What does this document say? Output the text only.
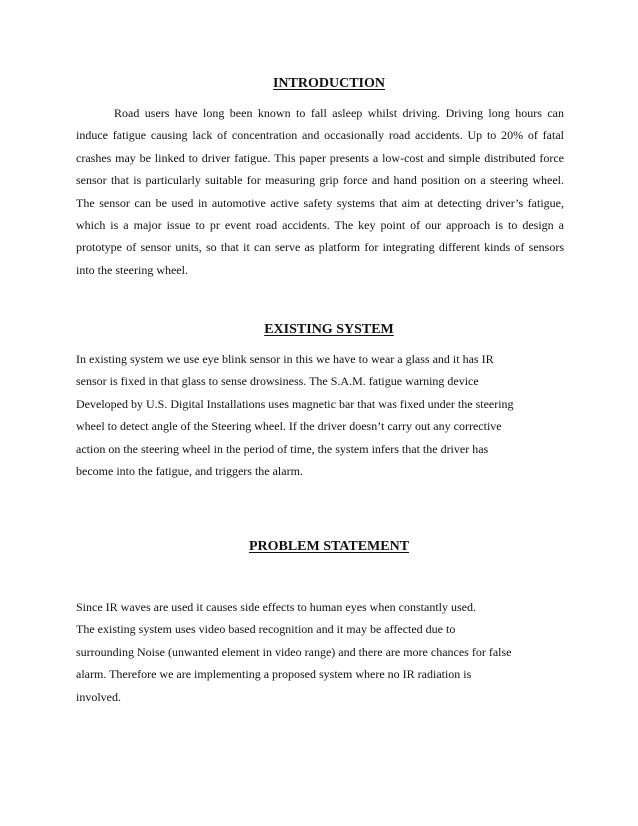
INTRODUCTION

Road users have long been known to fall asleep whilst driving. Driving long hours can induce fatigue causing lack of concentration and occasionally road accidents. Up to 20% of fatal crashes may be linked to driver fatigue. This paper presents a low-cost and simple distributed force sensor that is particularly suitable for measuring grip force and hand position on a steering wheel. The sensor can be used in automotive active safety systems that aim at detecting driver’s fatigue, which is a major issue to pr event road accidents. The key point of our approach is to design a prototype of sensor units, so that it can serve as platform for integrating different kinds of sensors into the steering wheel.

EXISTING SYSTEM
In existing system we use eye blink sensor in this we have to wear a glass and it has IR
sensor is fixed in that glass to sense drowsiness. The S.A.M. fatigue warning device
Developed by U.S. Digital Installations uses magnetic bar that was fixed under the steering
wheel to detect angle of the Steering wheel. If the driver doesn’t carry out any corrective
action on the steering wheel in the period of time, the system infers that the driver has
become into the fatigue, and triggers the alarm.
PROBLEM STATEMENT
Since IR waves are used it causes side effects to human eyes when constantly used.
The existing system uses video based recognition and it may be affected due to
surrounding Noise (unwanted element in video range) and there are more chances for false
alarm. Therefore we are implementing a proposed system where no IR radiation is
involved.
